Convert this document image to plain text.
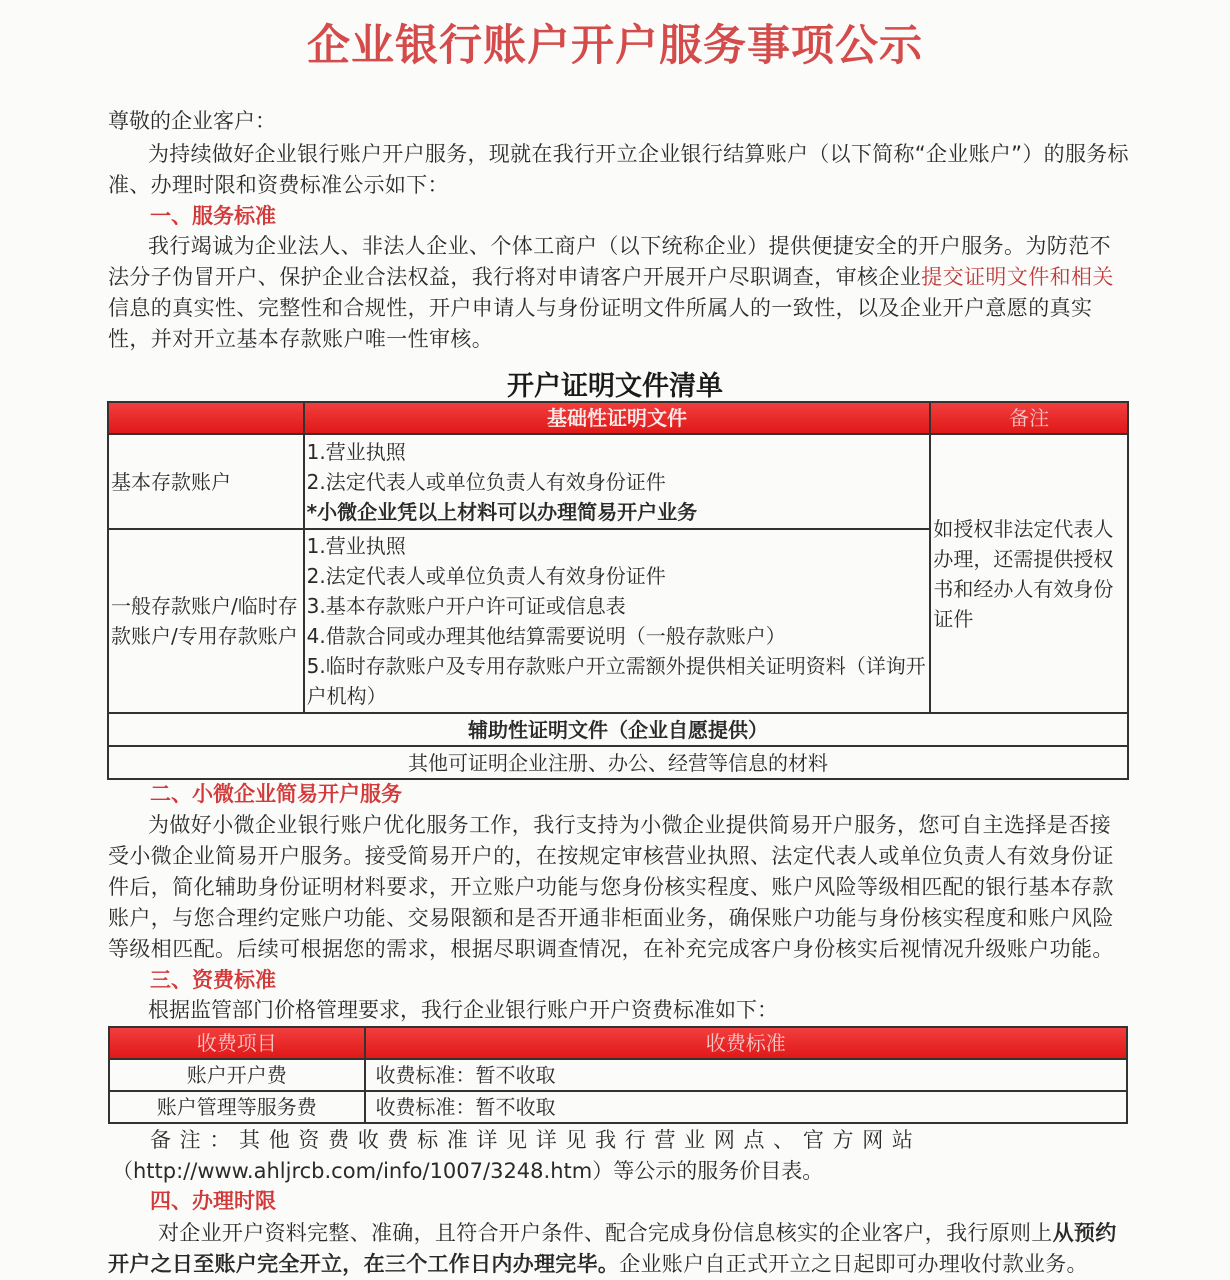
企业银行账户开户服务事项公示
尊敬的企业客户：
为持续做好企业银行账户开户服务，现就在我行开立企业银行结算账户（以下简称“企业账户”）的服务标准、办理时限和资费标准公示如下：
一、服务标准
我行竭诚为企业法人、非法人企业、个体工商户（以下统称企业）提供便捷安全的开户服务。为防范不法分子伪冒开户、保护企业合法权益，我行将对申请客户开展开户尽职调查，审核企业提交证明文件和相关信息的真实性、完整性和合规性，开户申请人与身份证明文件所属人的一致性，以及企业开户意愿的真实性，并对开立基本存款账户唯一性审核。
开户证明文件清单
	基础性证明文件	备注
基本存款账户	1.营业执照
2.法定代表人或单位负责人有效身份证件
*小微企业凭以上材料可以办理简易开户业务	如授权非法定代表人办理，还需提供授权书和经办人有效身份证件
一般存款账户/临时存款账户/专用存款账户	1.营业执照
2.法定代表人或单位负责人有效身份证件
3.基本存款账户开户许可证或信息表
4.借款合同或办理其他结算需要说明（一般存款账户）
5.临时存款账户及专用存款账户开立需额外提供相关证明资料（详询开户机构）	

辅助性证明文件（企业自愿提供）		
其他可证明企业注册、办公、经营等信息的材料		
二、小微企业简易开户服务
为做好小微企业银行账户优化服务工作，我行支持为小微企业提供简易开户服务，您可自主选择是否接受小微企业简易开户服务。接受简易开户的，在按规定审核营业执照、法定代表人或单位负责人有效身份证件后，简化辅助身份证明材料要求，开立账户功能与您身份核实程度、账户风险等级相匹配的银行基本存款账户，与您合理约定账户功能、交易限额和是否开通非柜面业务，确保账户功能与身份核实程度和账户风险等级相匹配。后续可根据您的需求，根据尽职调查情况，在补充完成客户身份核实后视情况升级账户功能。
三、资费标准
根据监管部门价格管理要求，我行企业银行账户开户资费标准如下：
收费项目	收费标准
账户开户费	收费标准：暂不收取
账户管理等服务费	收费标准：暂不收取
备 注 ： 其 他 资 费 收 费 标 准 详 见 详 见 我 行 营 业 网 点 、 官 方 网 站
（http://www.ahljrcb.com/info/1007/3248.htm）等公示的服务价目表。
四、办理时限
对企业开户资料完整、准确，且符合开户条件、配合完成身份信息核实的企业客户，我行原则上从预约开户之日至账户完全开立，在三个工作日内办理完毕。企业账户自正式开立之日起即可办理收付款业务。
